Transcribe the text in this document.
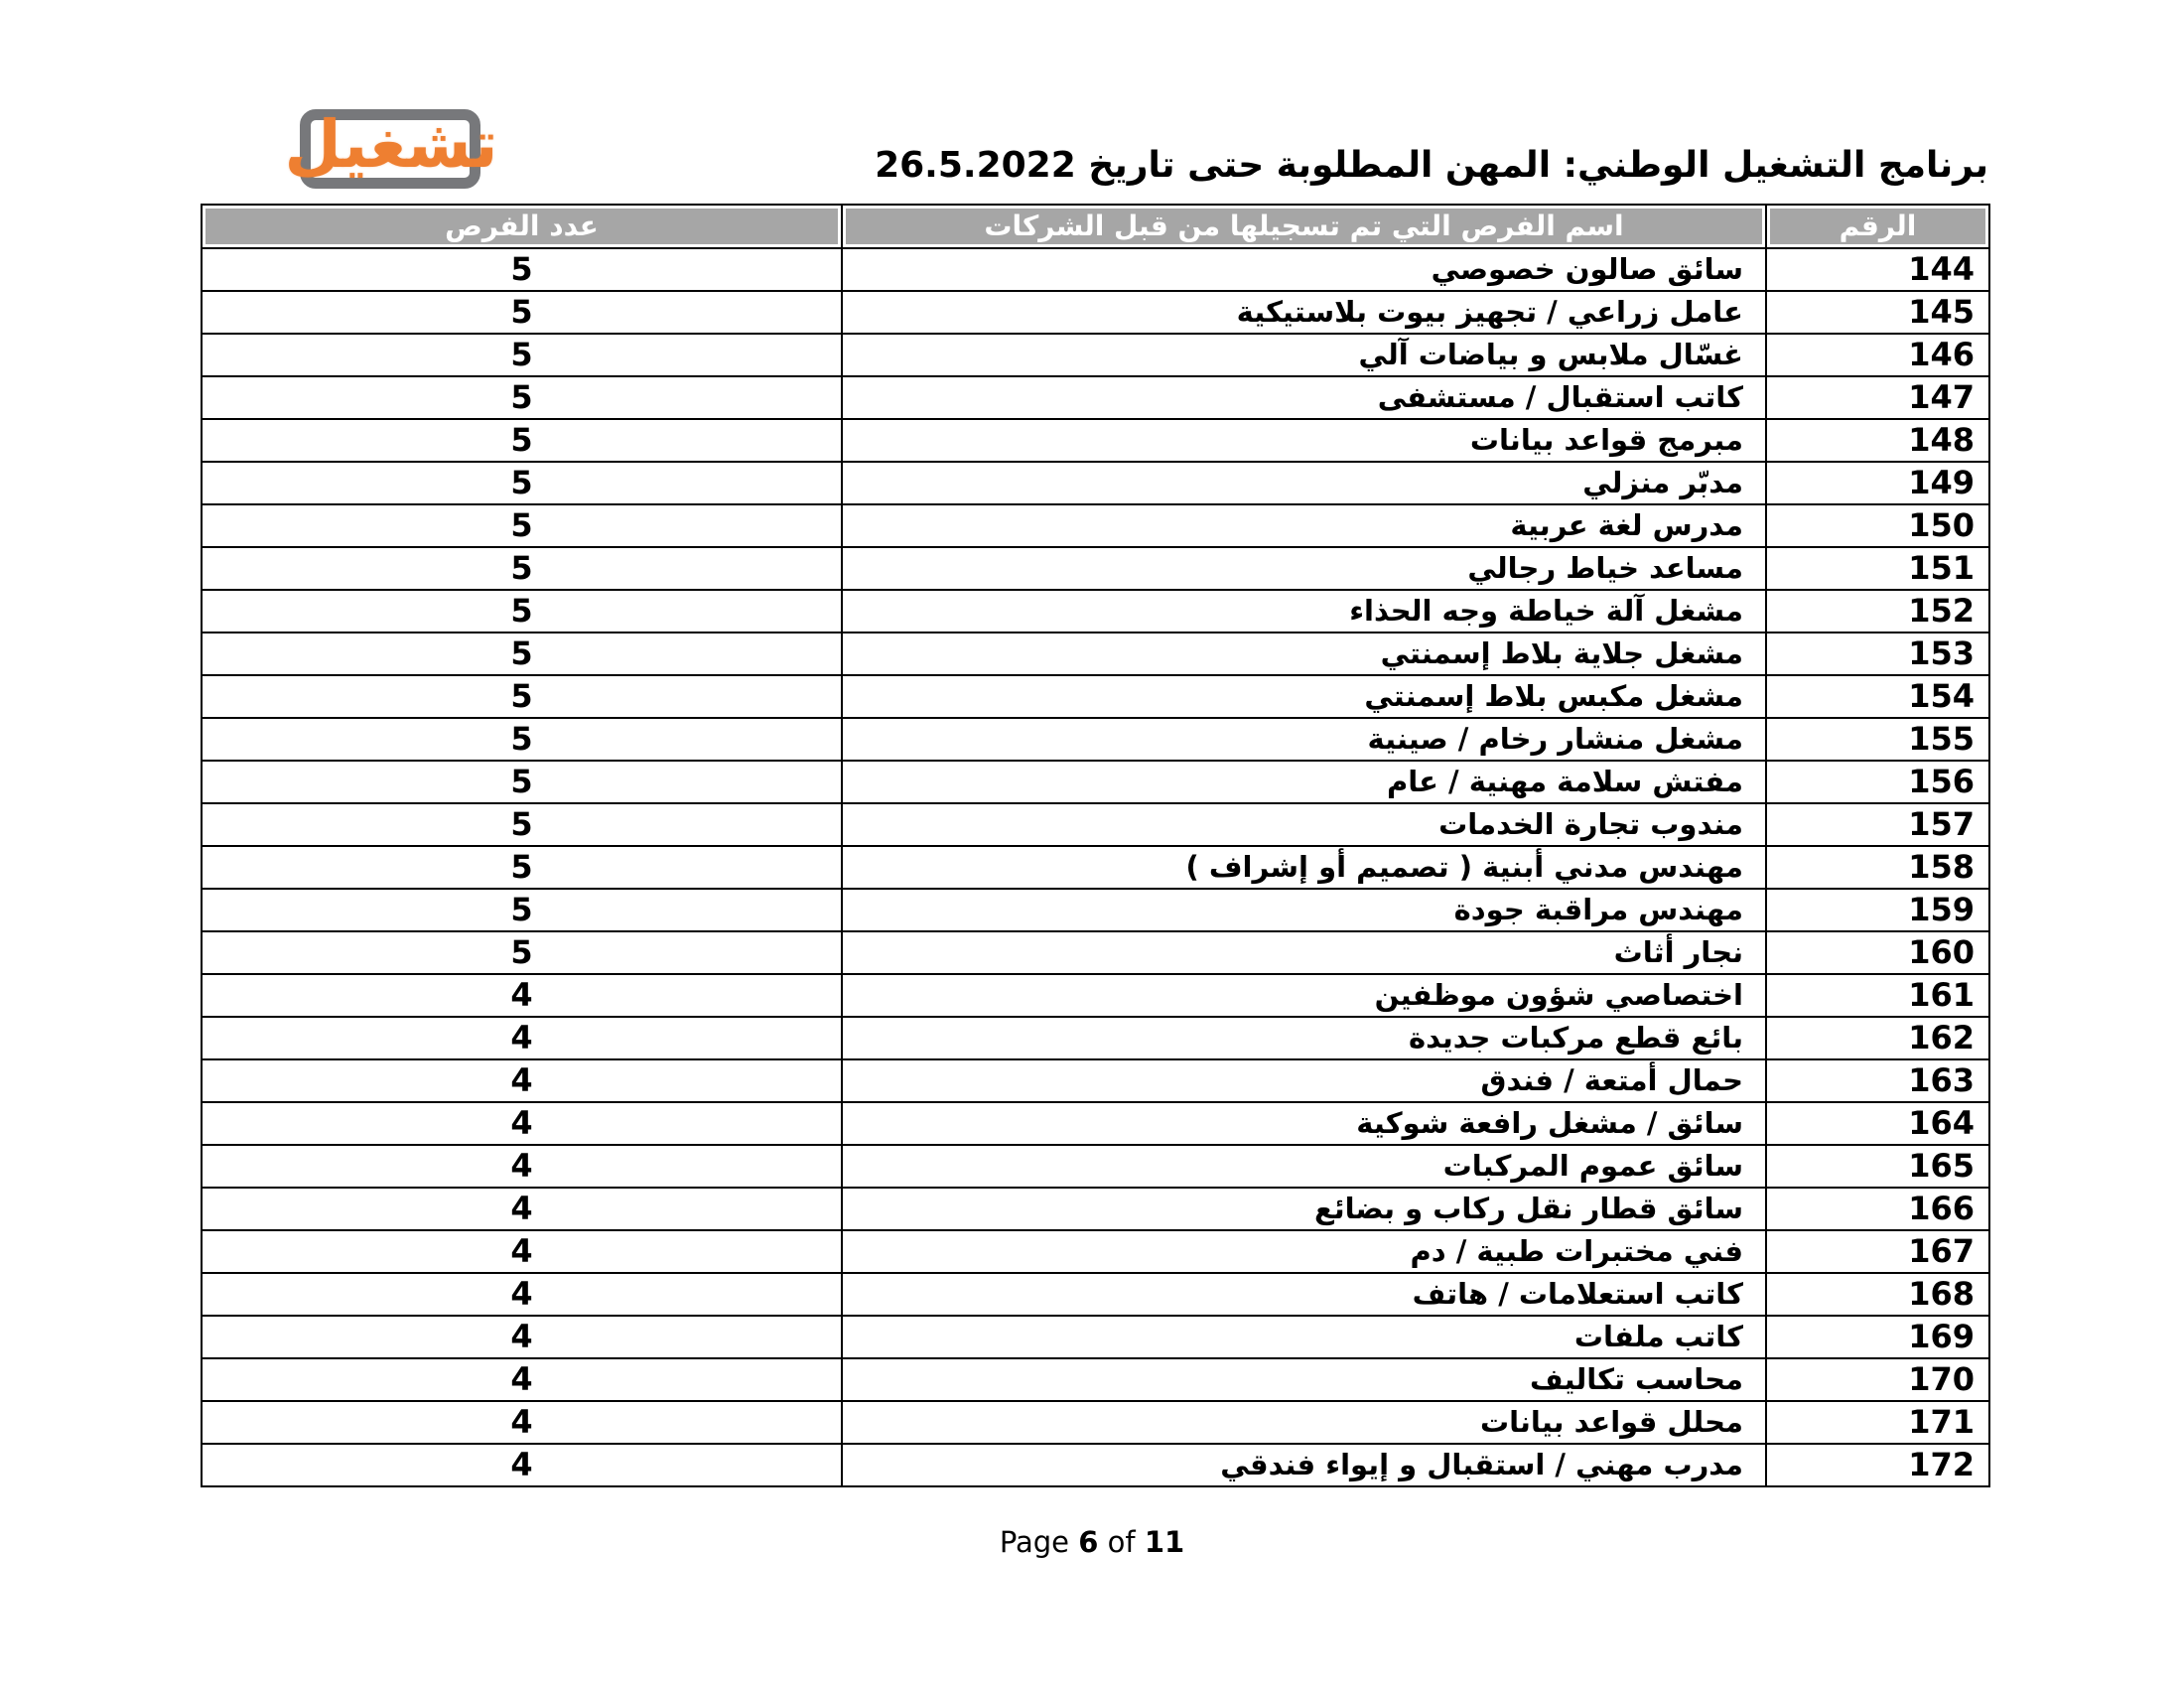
تشغيل	برنامج التشغيل الوطني: المهن المطلوبة حتى تاريخ 26.5.2022
عدد الفرص	اسم الفرص التي تم تسجيلها من قبل الشركات	الرقم
5	سائق صالون خصوصي	144
5	عامل زراعي / تجهيز بيوت بلاستيكية	145
5	غسّال ملابس و بياضات آلي	146
5	كاتب استقبال / مستشفى	147
5	مبرمج قواعد بيانات	148
5	مدبّر منزلي	149
5	مدرس لغة عربية	150
5	مساعد خياط رجالي	151
5	مشغل آلة خياطة وجه الحذاء	152
5	مشغل جلاية بلاط إسمنتي	153
5	مشغل مكبس بلاط إسمنتي	154
5	مشغل منشار رخام / صينية	155
5	مفتش سلامة مهنية / عام	156
5	مندوب تجارة الخدمات	157
5	مهندس مدني أبنية ( تصميم أو إشراف )	158
5	مهندس مراقبة جودة	159
5	نجار أثاث	160
4	اختصاصي شؤون موظفين	161
4	بائع قطع مركبات جديدة	162
4	حمال أمتعة / فندق	163
4	سائق / مشغل رافعة شوكية	164
4	سائق عموم المركبات	165
4	سائق قطار نقل ركاب و بضائع	166
4	فني مختبرات طبية / دم	167
4	كاتب استعلامات / هاتف	168
4	كاتب ملفات	169
4	محاسب تكاليف	170
4	محلل قواعد بيانات	171
4	مدرب مهني / استقبال و إيواء فندقي	172
Page 6 of 11
